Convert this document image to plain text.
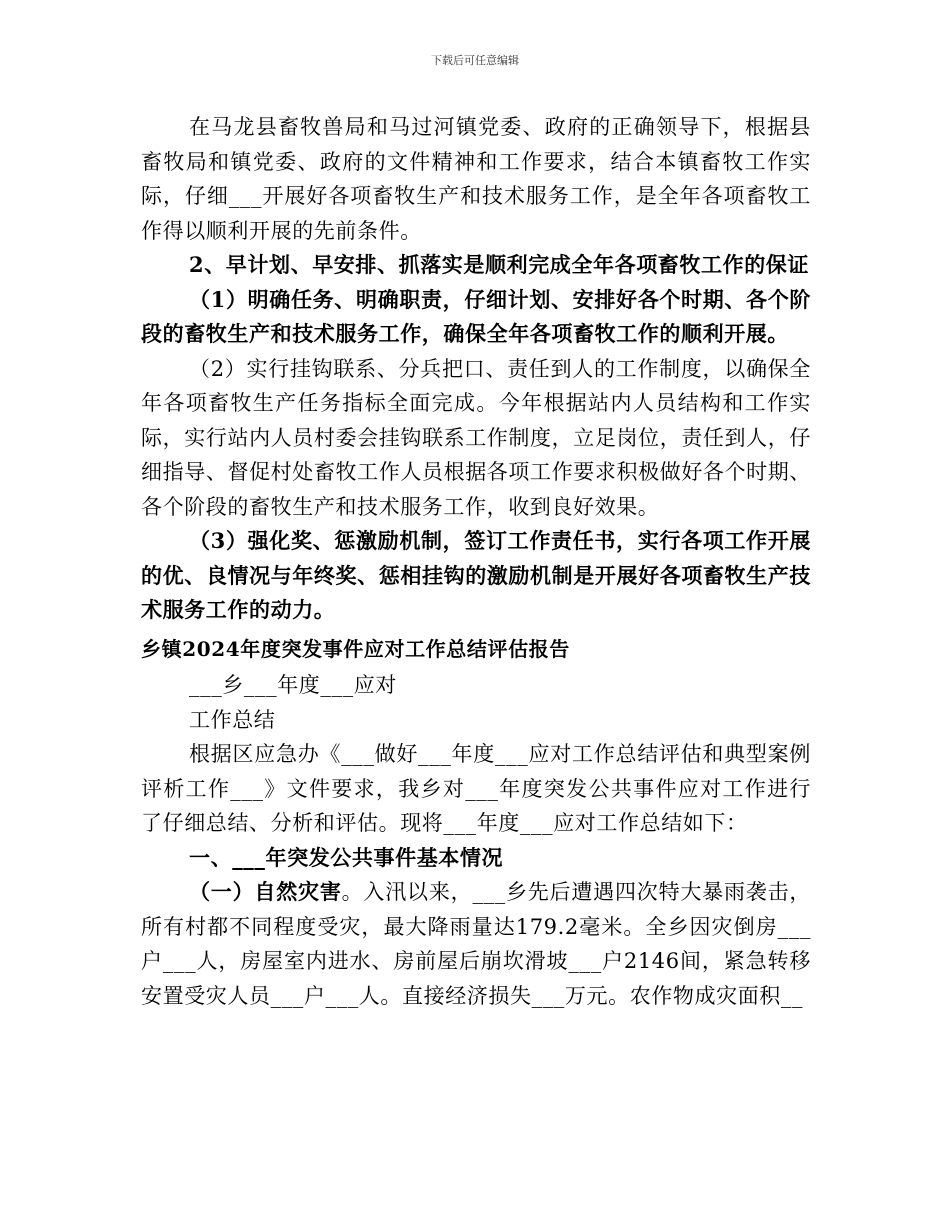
下载后可任意编辑

在马龙县畜牧兽局和马过河镇党委、政府的正确领导下，根据县畜牧局和镇党委、政府的文件精神和工作要求，结合本镇畜牧工作实际，仔细___开展好各项畜牧生产和技术服务工作，是全年各项畜牧工作得以顺利开展的先前条件。

2、早计划、早安排、抓落实是顺利完成全年各项畜牧工作的保证

（1）明确任务、明确职责，仔细计划、安排好各个时期、各个阶段的畜牧生产和技术服务工作，确保全年各项畜牧工作的顺利开展。

（2）实行挂钩联系、分兵把口、责任到人的工作制度，以确保全年各项畜牧生产任务指标全面完成。今年根据站内人员结构和工作实际，实行站内人员村委会挂钩联系工作制度，立足岗位，责任到人，仔细指导、督促村处畜牧工作人员根据各项工作要求积极做好各个时期、各个阶段的畜牧生产和技术服务工作，收到良好效果。

（3）强化奖、惩激励机制，签订工作责任书，实行各项工作开展的优、良情况与年终奖、惩相挂钩的激励机制是开展好各项畜牧生产技术服务工作的动力。

乡镇2024年度突发事件应对工作总结评估报告

___乡___年度___应对

工作总结

根据区应急办《___做好___年度___应对工作总结评估和典型案例评析工作___》文件要求，我乡对___年度突发公共事件应对工作进行了仔细总结、分析和评估。现将___年度___应对工作总结如下：

一、___年突发公共事件基本情况

（一）自然灾害。入汛以来，___乡先后遭遇四次特大暴雨袭击，所有村都不同程度受灾，最大降雨量达179.2毫米。全乡因灾倒房___户___人，房屋室内进水、房前屋后崩坎滑坡___户2146间，紧急转移安置受灾人员___户___人。直接经济损失___万元。农作物成灾面积__
